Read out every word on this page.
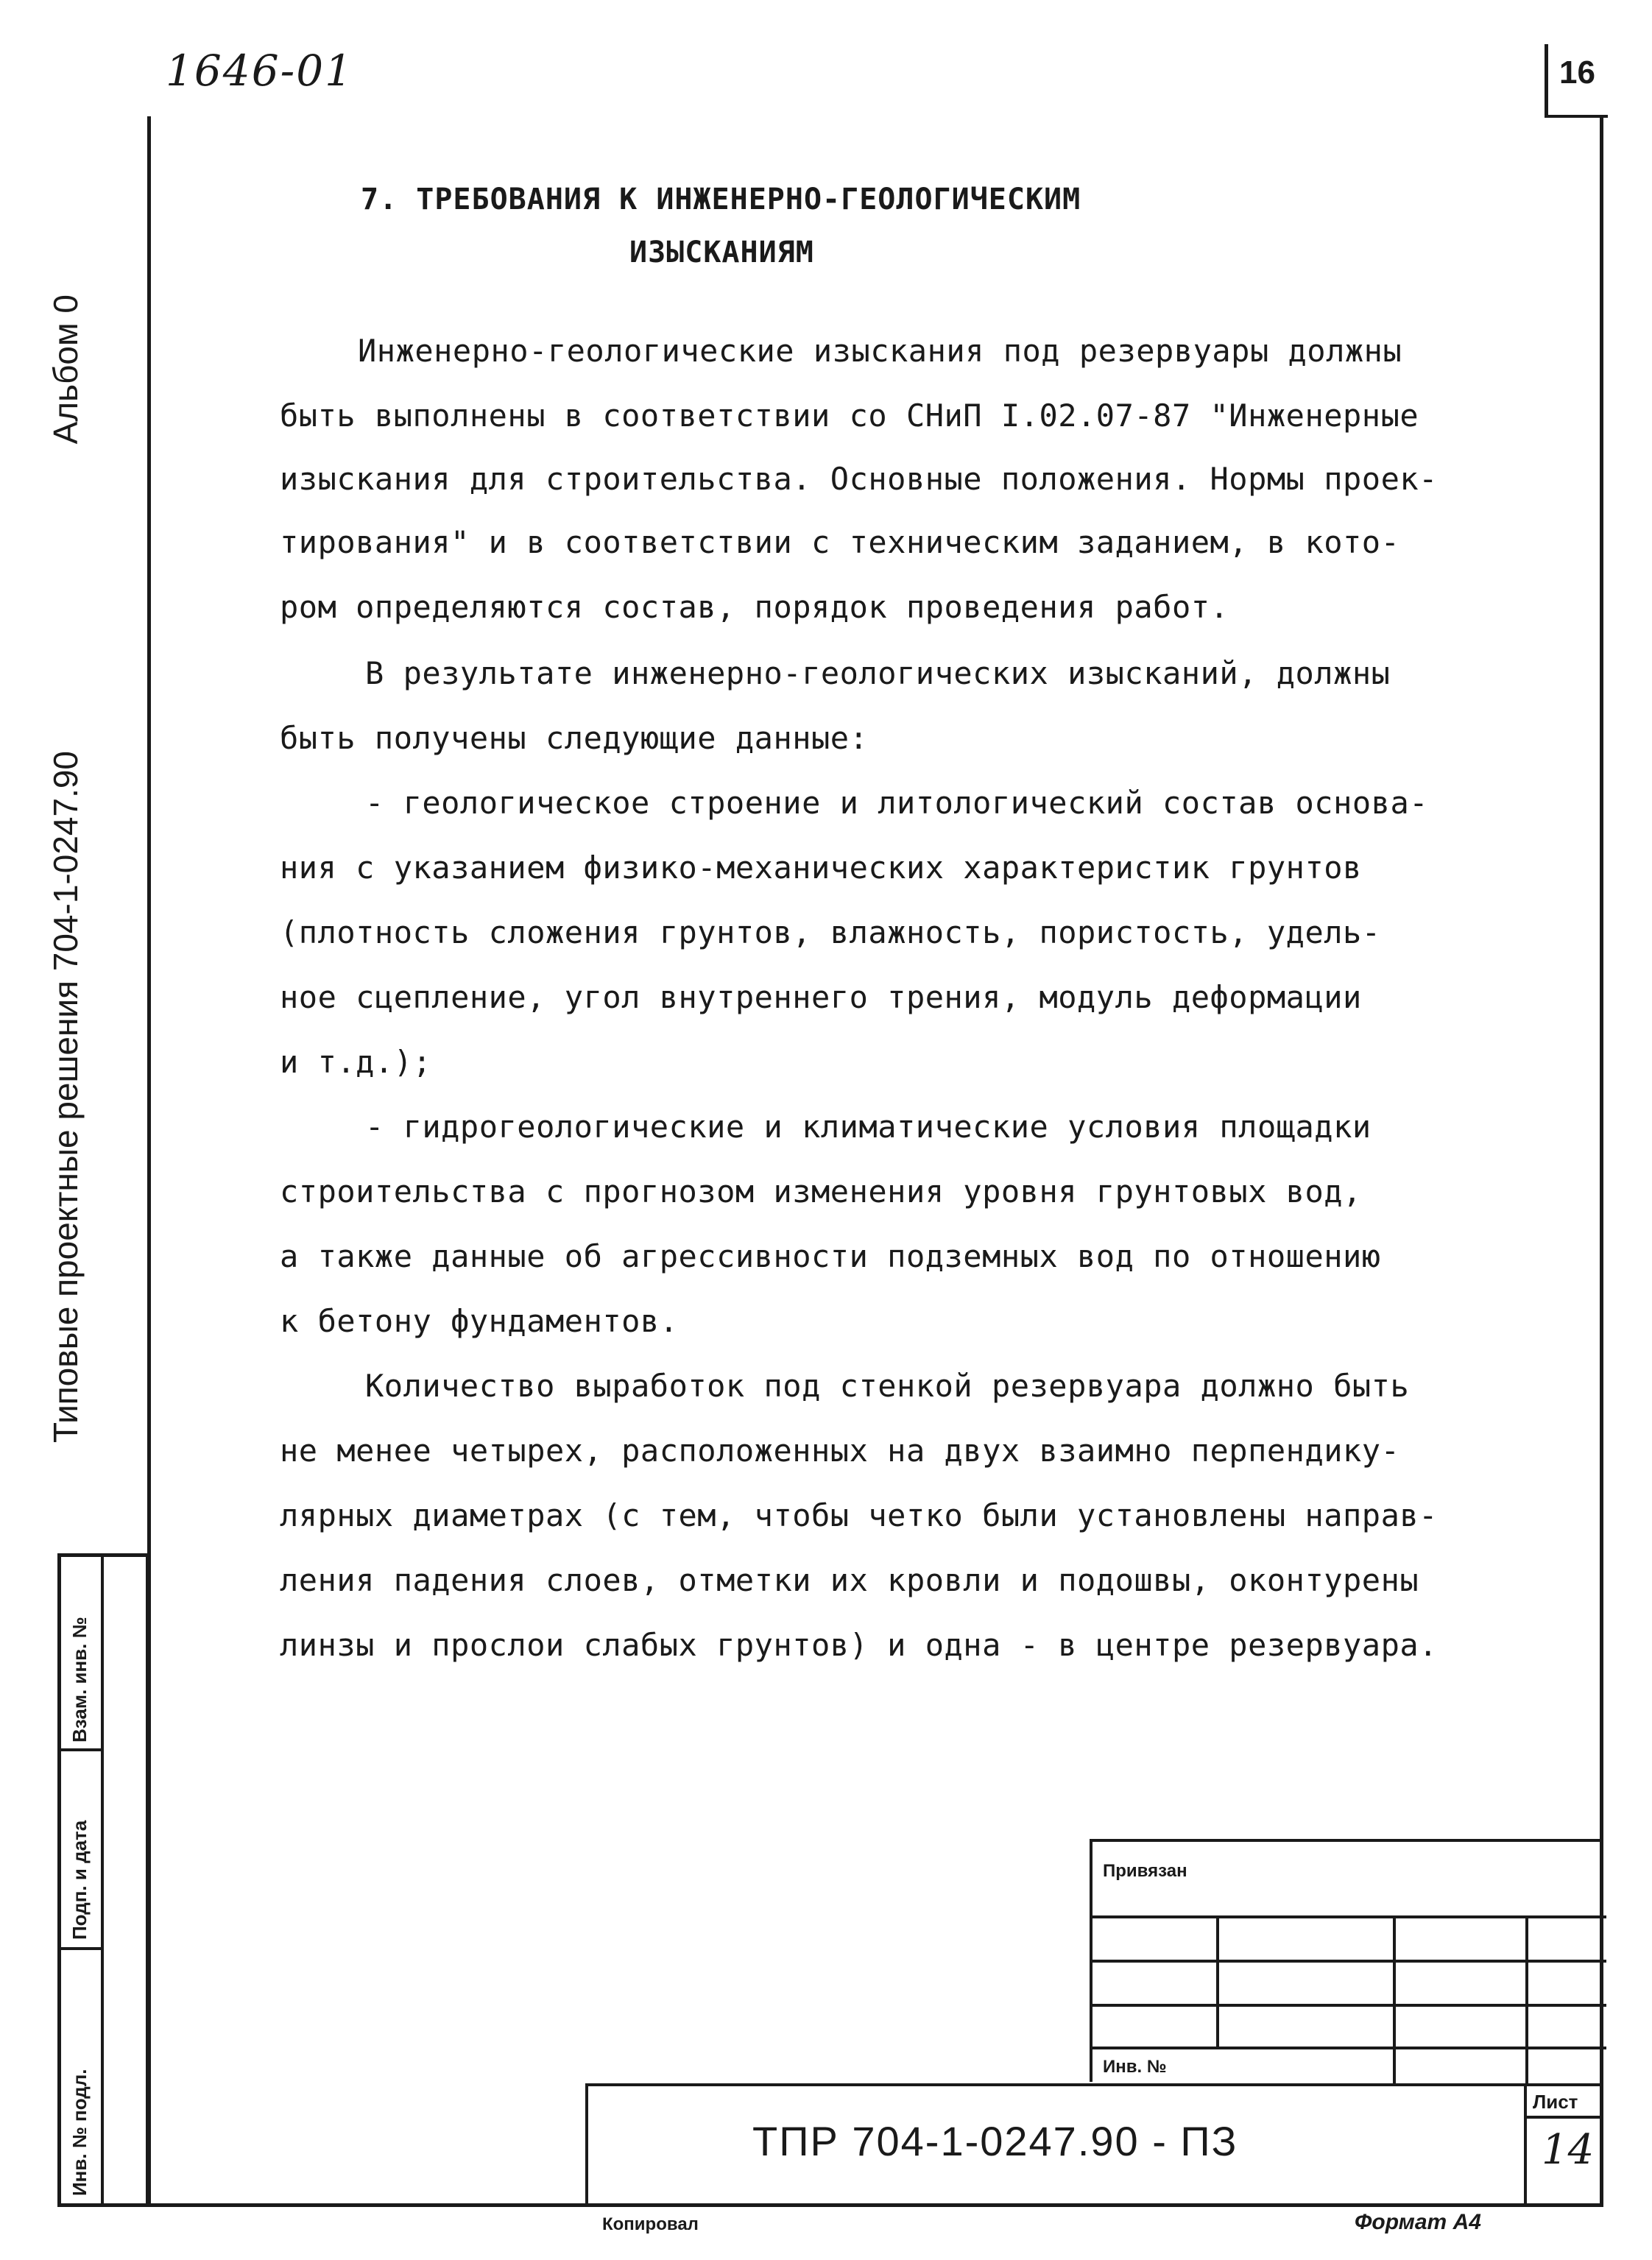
1646-01	16
Типовые проектные решения 704-1-0247.90
Альбом 0
Взам. инв. №
Подп. и дата
Инв. № подл.
7. ТРЕБОВАНИЯ К ИНЖЕНЕРНО-ГЕОЛОГИЧЕСКИМ
ИЗЫСКАНИЯМ
Инженерно-геологические изыскания под резервуары должны
быть выполнены в соответствии со СНиП I.02.07-87 "Инженерные
изыскания для строительства. Основные положения. Нормы проек-
тирования" и в соответствии с техническим заданием, в кото-
ром определяются состав, порядок проведения работ.
В результате инженерно-геологических изысканий, должны
быть получены следующие данные:
- геологическое строение и литологический состав основа-
ния с указанием физико-механических характеристик грунтов
(плотность сложения грунтов, влажность, пористость, удель-
ное сцепление, угол внутреннего трения, модуль деформации
и т.д.);
- гидрогеологические и климатические условия площадки
строительства с прогнозом изменения уровня грунтовых вод,
а также данные об агрессивности подземных вод по отношению
к бетону фундаментов.
Количество выработок под стенкой резервуара должно быть
не менее четырех, расположенных на двух взаимно перпендику-
лярных диаметрах (с тем, чтобы четко были установлены направ-
ления падения слоев, отметки их кровли и подошвы, оконтурены
линзы и прослои слабых грунтов) и одна - в центре резервуара.
Привязан
Инв. №
ТПР 704-1-0247.90 - ПЗ
Лист
14
Копировал	Формат А4
